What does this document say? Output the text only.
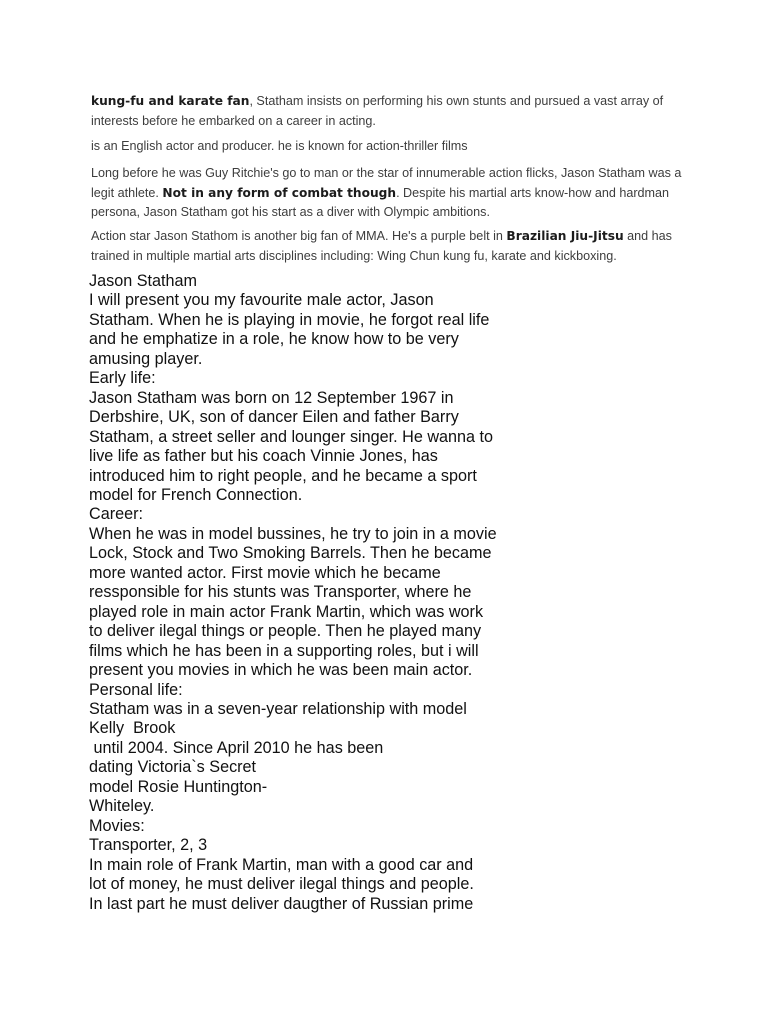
kung-fu and karate fan, Statham insists on performing his own stunts and pursued a vast array of interests before he embarked on a career in acting.

is an English actor and producer. he is known for action-thriller films

Long before he was Guy Ritchie's go to man or the star of innumerable action flicks, Jason Statham was a legit athlete. Not in any form of combat though. Despite his martial arts know-how and hardman persona, Jason Statham got his start as a diver with Olympic ambitions.

Action star Jason Stathom is another big fan of MMA. He's a purple belt in Brazilian Jiu-Jitsu and has trained in multiple martial arts disciplines including: Wing Chun kung fu, karate and kickboxing.

Jason Statham
I will present you my favourite male actor, Jason
Statham. When he is playing in movie, he forgot real life
and he emphatize in a role, he know how to be very
amusing player.
Early life:
Jason Statham was born on 12 September 1967 in
Derbshire, UK, son of dancer Eilen and father Barry
Statham, a street seller and lounger singer. He wanna to
live life as father but his coach Vinnie Jones, has
introduced him to right people, and he became a sport
model for French Connection.
Career:
When he was in model bussines, he try to join in a movie
Lock, Stock and Two Smoking Barrels. Then he became
more wanted actor. First movie which he became
ressponsible for his stunts was Transporter, where he
played role in main actor Frank Martin, which was work
to deliver ilegal things or people. Then he played many
films which he has been in a supporting roles, but i will
present you movies in which he was been main actor.
Personal life:
Statham was in a seven-year relationship with model
Kelly  Brook
until 2004. Since April 2010 he has been
dating Victoria`s Secret
model Rosie Huntington-
Whiteley.
Movies:
Transporter, 2, 3
In main role of Frank Martin, man with a good car and
lot of money, he must deliver ilegal things and people.
In last part he must deliver daugther of Russian prime
